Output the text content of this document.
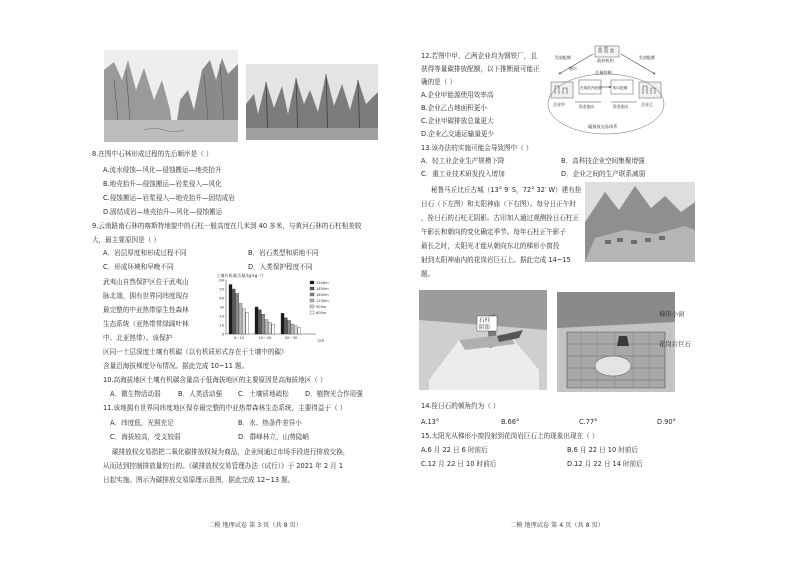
8.在图中石林形成过程的先后顺序是（ ）
A.流水侵蚀—风化—侵蚀搬运—地壳抬升
B.地壳抬升—侵蚀搬运—岩浆侵入—风化
C.侵蚀搬运—岩浆侵入—地壳抬升—固结成岩
D.固结成岩—地壳抬升—风化—侵蚀搬运
9.云南路南石林的喀斯特地貌中的石柱一般高度在几米到 40 多米，与黄河石林的石柱相差较
大，最主要原因是（ ）
A．岩层厚度和形成过程不同	B．岩石类型和质地不同
C．形成环境和早晚不同	D．人类保护程度不同
武夷山自然保护区位于武夷山
脉北端，拥有世界同纬度现存
最完整的中亚热带原生性森林
生态系统（亚热带常绿阔叶林
中、北亚热带）。该保护
区同一土层深度土壤有机碳（以有机质形式存在于土壤中的碳）
含量沿海拔梯度分布情况。据此完成 10~11 题。
土壤有机碳含量/(g·kg⁻¹)
0
10
20
30
40
50
60
0~10	10~20	20~30
cm
2300m
1850m
1600m
1100m
900m
600m
10.高海拔地区土壤有机碳含量高于低海拔地区的主要原因是高海拔地区（ ）
A．微生物活动弱	B．人类活动强 C．土壤质地疏松 D．植物光合作用强
11.该地拥有世界同纬度地区保存最完整的中亚热带森林生态系统，主要得益于（ ）
A．纬度低，光照充足	B．水、热条件差异小
C．海拔较高，受支较弱	D．群峰林立，山势陡峭
碳排放权交易指把二氧化碳排放权视为商品，企业间通过市场手段进行排放交换，
从而达到控制排放量的目的。《碳排放权交易管理办法（试行）》于 2021 年 2 月 1
日起实施。图示为碳排放交易原理示意图，据此完成 12~13 题。
二模 地理试卷 第 3 页（共 8 页）
12.若图中甲、乙两企业均为钢铁厂，且
获得等量碳排放配额，以下推断最可能正
确的是（ ）
A.企业甲能源使用效率高
B.企业乙占地面积更小
C.企业甲碳排放总量更大
D.企业乙交通运输量更少
政府机构
发放配额	发放配额
额内
总量控制
在规范内配额	购买配额
资金流向	资金流向
企业甲	企业乙
碳排放交易体系
13.该办法的实施可能会导致图中（ ）
A．轻工业企业生产规模下降	B．高科技企业空间集聚增强
C．重工业技术研发投入增加	D．企业之间的生产联系减弱
秘鲁马丘比丘古城（13° 9′ S，72° 32′ W）建有拴
日石（下左图）和太阳神庙（下右图）。每分日正午时
，拴日石的石柱无阴影。古印加人通过观测拴日石柱正
午影长和朝向的变化确定季节。每年石柱正午影子
最长之时，太阳光才能从朝向东北的梯形小窗投
射到太阳神庙内的花岗岩巨石上。据此完成 14~15
题。
石柱
阴影
梯形小窗
花岗岩巨石
14.拴日石的倾角约为（ ）
A.13°	B.66°	C.77°	D.90°
15.太阳光从梯形小窗投射到花岗岩巨石上的现象出现在（ ）
A.6 月 22 日 6 时前后	B.6 月 22 日 10 时前后
C.12 月 22 日 10 时前后	D.12 月 22 日 14 时前后
二模 地理试卷 第 4 页（共 8 页）
